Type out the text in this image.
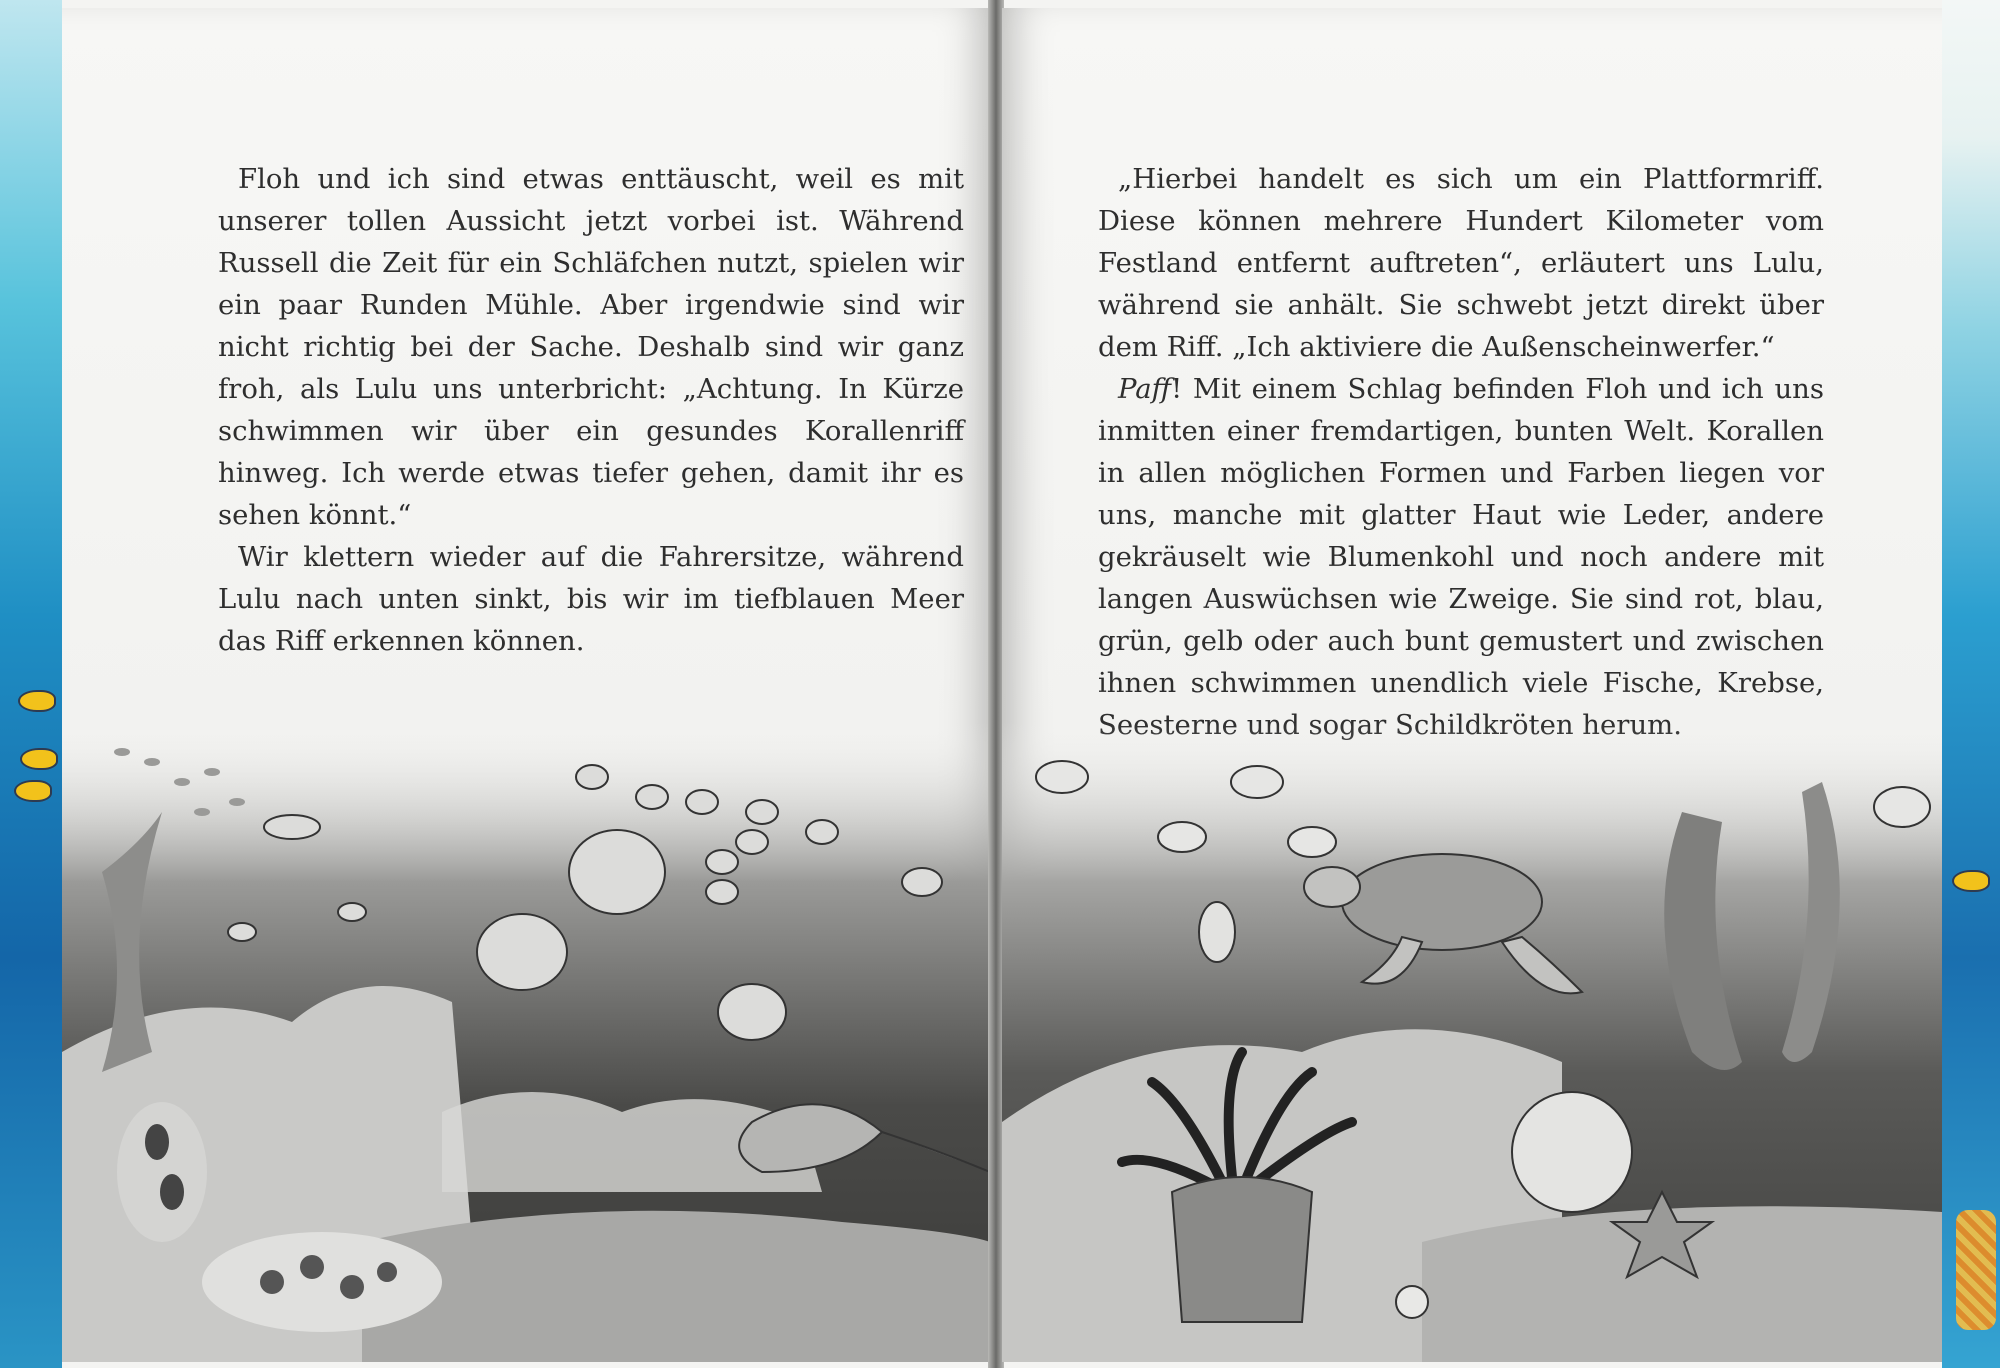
Floh und ich sind etwas enttäuscht, weil es mit unserer tollen Aussicht jetzt vorbei ist. Während Russell die Zeit für ein Schläfchen nutzt, spielen wir ein paar Runden Mühle. Aber irgendwie sind wir nicht richtig bei der Sache. Deshalb sind wir ganz froh, als Lulu uns unterbricht: „Achtung. In Kürze schwimmen wir über ein gesundes Korallenriff hinweg. Ich werde etwas tiefer gehen, damit ihr es sehen könnt.“

Wir klettern wieder auf die Fahrersitze, während Lulu nach unten sinkt, bis wir im tiefblauen Meer das Riff erkennen können.

„Hierbei handelt es sich um ein Plattformriff. Diese können mehrere Hundert Kilometer vom Festland entfernt auftreten“, erläutert uns Lulu, während sie anhält. Sie schwebt jetzt direkt über dem Riff. „Ich aktiviere die Außenscheinwerfer.“

Paff! Mit einem Schlag befinden Floh und ich uns inmitten einer fremdartigen, bunten Welt. Korallen in allen möglichen Formen und Farben liegen vor uns, manche mit glatter Haut wie Leder, andere gekräuselt wie Blumenkohl und noch andere mit langen Auswüchsen wie Zweige. Sie sind rot, blau, grün, gelb oder auch bunt gemustert und zwischen ihnen schwimmen unendlich viele Fische, Krebse,
